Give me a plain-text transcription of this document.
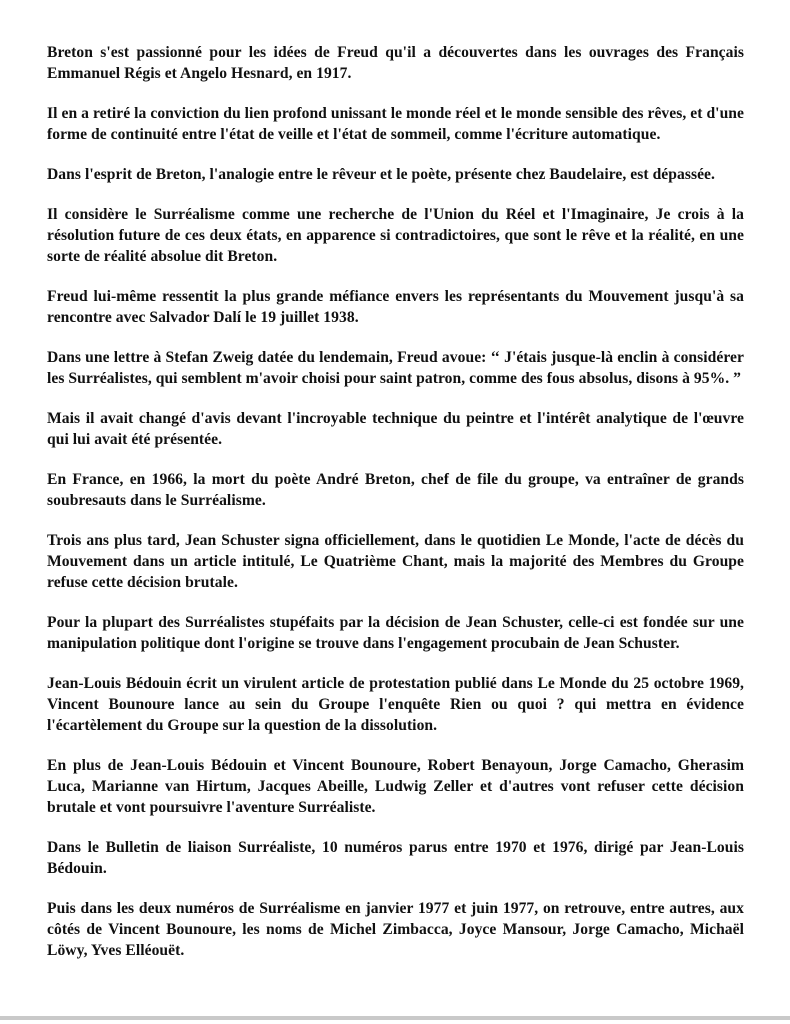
Breton s'est passionné pour les idées de Freud qu'il a découvertes dans les ouvrages des Français Emmanuel Régis et Angelo Hesnard, en 1917.

Il en a retiré la conviction du lien profond unissant le monde réel et le monde sensible des rêves, et d'une forme de continuité entre l'état de veille et l'état de sommeil, comme l'écriture automatique.

Dans l'esprit de Breton, l'analogie entre le rêveur et le poète, présente chez Baudelaire, est dépassée.

Il considère le Surréalisme comme une recherche de l'Union du Réel et l'Imaginaire, Je crois à la résolution future de ces deux états, en apparence si contradictoires, que sont le rêve et la réalité, en une sorte de réalité absolue dit Breton.

Freud lui-même ressentit la plus grande méfiance envers les représentants du Mouvement jusqu'à sa rencontre avec Salvador Dalí le 19 juillet 1938.

Dans une lettre à Stefan Zweig datée du lendemain, Freud avoue: ‘‘ J'étais jusque-là enclin à considérer les Surréalistes, qui semblent m'avoir choisi pour saint patron, comme des fous absolus, disons à 95%. ”

Mais il avait changé d'avis devant l'incroyable technique du peintre et l'intérêt analytique de l'œuvre qui lui avait été présentée.

En France, en 1966, la mort du poète André Breton, chef de file du groupe, va entraîner de grands soubresauts dans le Surréalisme.

Trois ans plus tard, Jean Schuster signa officiellement, dans le quotidien Le Monde, l'acte de décès du Mouvement dans un article intitulé, Le Quatrième Chant, mais la majorité des Membres du Groupe refuse cette décision brutale.

Pour la plupart des Surréalistes stupéfaits par la décision de Jean Schuster, celle-ci est fondée sur une manipulation politique dont l'origine se trouve dans l'engagement procubain de Jean Schuster.

Jean-Louis Bédouin écrit un virulent article de protestation publié dans Le Monde du 25 octobre 1969, Vincent Bounoure lance au sein du Groupe l'enquête Rien ou quoi ? qui mettra en évidence l'écartèlement du Groupe sur la question de la dissolution.

En plus de Jean-Louis Bédouin et Vincent Bounoure, Robert Benayoun, Jorge Camacho, Gherasim Luca, Marianne van Hirtum, Jacques Abeille, Ludwig Zeller et d'autres vont refuser cette décision brutale et vont poursuivre l'aventure Surréaliste.

Dans le Bulletin de liaison Surréaliste, 10 numéros parus entre 1970 et 1976, dirigé par Jean-Louis Bédouin.

Puis dans les deux numéros de Surréalisme en janvier 1977 et juin 1977, on retrouve, entre autres, aux côtés de Vincent Bounoure, les noms de Michel Zimbacca, Joyce Mansour, Jorge Camacho, Michaël Löwy, Yves Elléouët.
